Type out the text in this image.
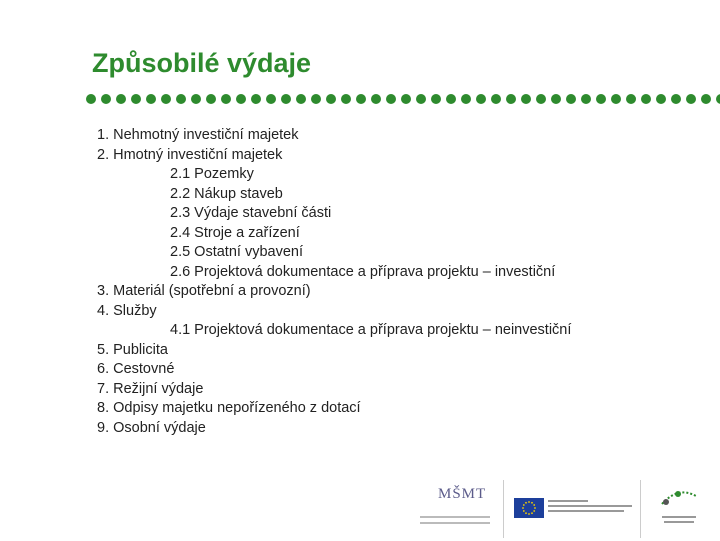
Způsobilé výdaje
1. Nehmotný investiční majetek
2. Hmotný investiční majetek
2.1 Pozemky
2.2 Nákup staveb
2.3 Výdaje stavební části
2.4 Stroje a zařízení
2.5 Ostatní vybavení
2.6 Projektová dokumentace a příprava projektu – investiční
3. Materiál (spotřební a provozní)
4. Služby
4.1 Projektová dokumentace a příprava projektu – neinvestiční
5. Publicita
6. Cestovné
7. Režijní výdaje
8. Odpisy majetku nepořízeného z dotací
9. Osobní výdaje
MŠMT
